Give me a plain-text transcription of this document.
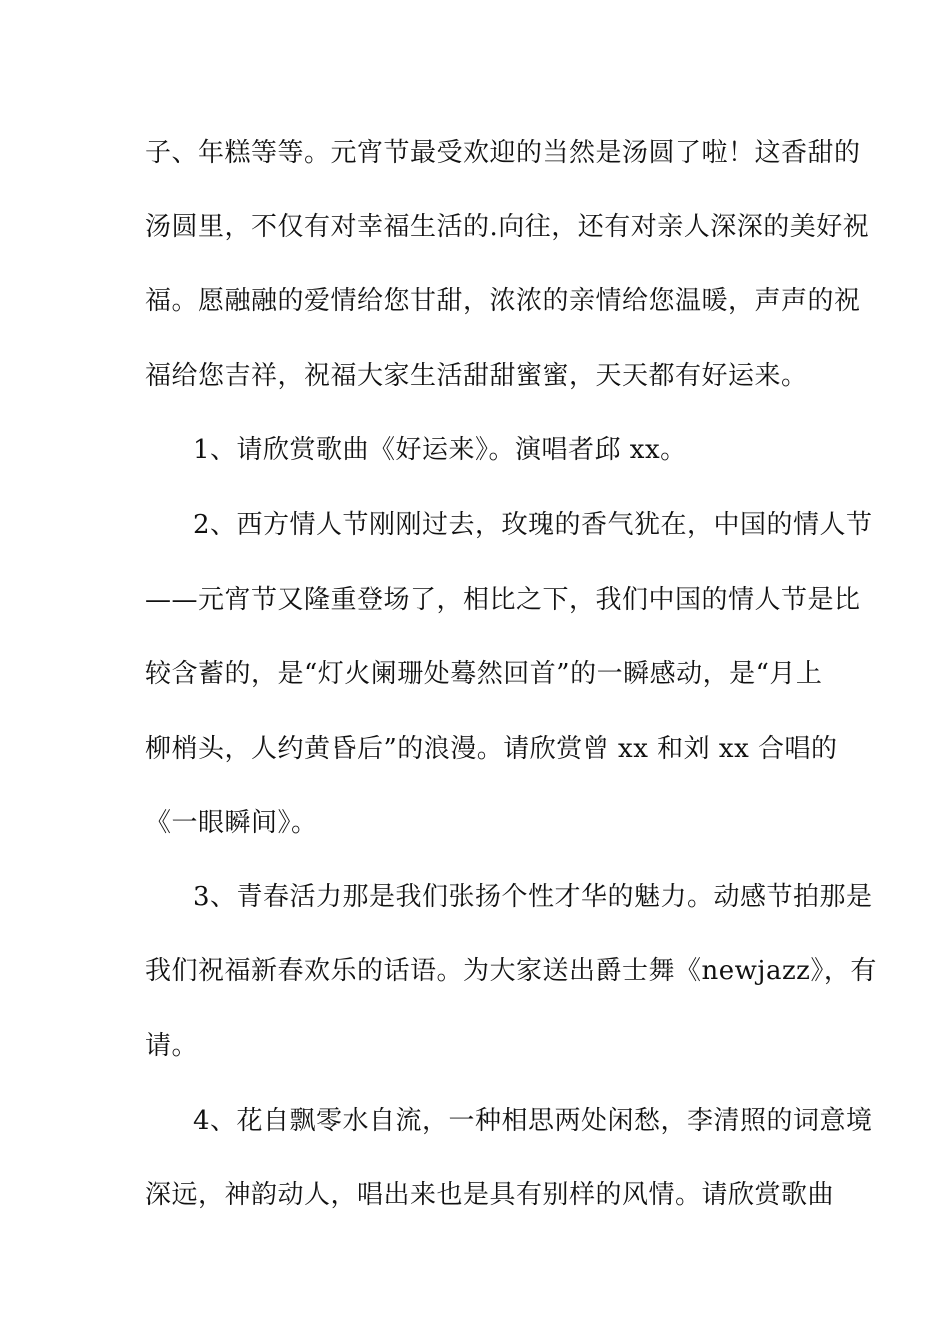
子、年糕等等。元宵节最受欢迎的当然是汤圆了啦！这香甜的
汤圆里，不仅有对幸福生活的.向往，还有对亲人深深的美好祝
福。愿融融的爱情给您甘甜，浓浓的亲情给您温暖，声声的祝
福给您吉祥，祝福大家生活甜甜蜜蜜，天天都有好运来。
1、请欣赏歌曲《好运来》。演唱者邱 xx。
2、西方情人节刚刚过去，玫瑰的香气犹在，中国的情人节
——元宵节又隆重登场了，相比之下，我们中国的情人节是比
较含蓄的，是“灯火阑珊处蓦然回首”的一瞬感动，是“月上
柳梢头，人约黄昏后”的浪漫。请欣赏曾 xx 和刘 xx 合唱的
《一眼瞬间》。
3、青春活力那是我们张扬个性才华的魅力。动感节拍那是
我们祝福新春欢乐的话语。为大家送出爵士舞《newjazz》，有
请。
4、花自飘零水自流，一种相思两处闲愁，李清照的词意境
深远，神韵动人，唱出来也是具有别样的风情。请欣赏歌曲
